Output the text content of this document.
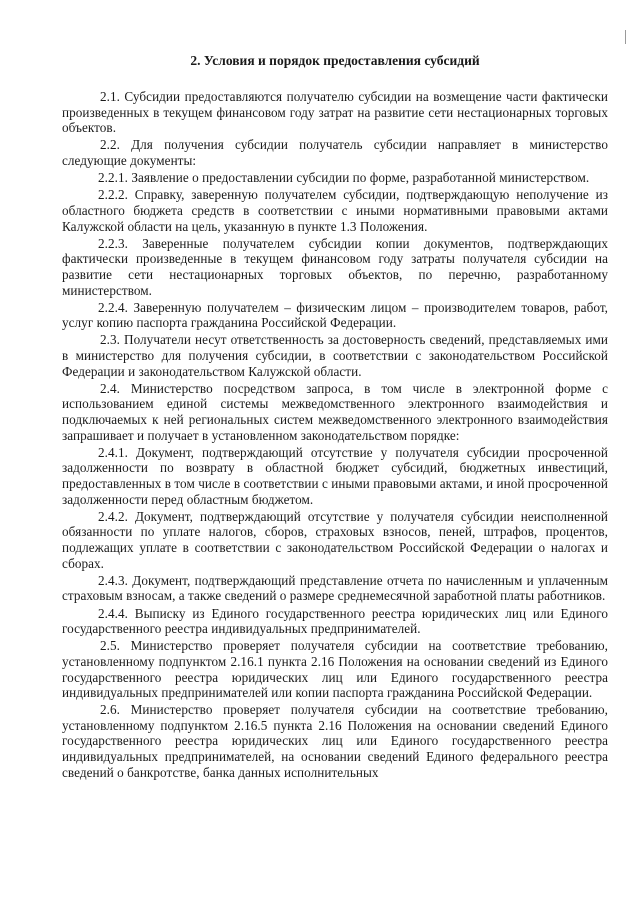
2. Условия и порядок предоставления субсидий

2.1. Субсидии предоставляются получателю субсидии на возмещение части фактически произведенных в текущем финансовом году затрат на развитие сети нестационарных торговых объектов.

2.2. Для получения субсидии получатель субсидии направляет в министерство следующие документы:

2.2.1. Заявление о предоставлении субсидии по форме, разработанной министерством.

2.2.2. Справку, заверенную получателем субсидии, подтверждающую неполучение из областного бюджета средств в соответствии с иными нормативными правовыми актами Калужской области на цель, указанную в пункте 1.3 Положения.

2.2.3. Заверенные получателем субсидии копии документов, подтверждающих фактически произведенные в текущем финансовом году затраты получателя субсидии на развитие сети нестационарных торговых объектов, по перечню, разработанному министерством.

2.2.4. Заверенную получателем – физическим лицом – производителем товаров, работ, услуг копию паспорта гражданина Российской Федерации.

2.3. Получатели несут ответственность за достоверность сведений, представляемых ими в министерство для получения субсидии, в соответствии с законодательством Российской Федерации и законодательством Калужской области.

2.4. Министерство посредством запроса, в том числе в электронной форме с использованием единой системы межведомственного электронного взаимодействия и подключаемых к ней региональных систем межведомственного электронного взаимодействия запрашивает и получает в установленном законодательством порядке:

2.4.1. Документ, подтверждающий отсутствие у получателя субсидии просроченной задолженности по возврату в областной бюджет субсидий, бюджетных инвестиций, предоставленных в том числе в соответствии с иными правовыми актами, и иной просроченной задолженности перед областным бюджетом.

2.4.2. Документ, подтверждающий отсутствие у получателя субсидии неисполненной обязанности по уплате налогов, сборов, страховых взносов, пеней, штрафов, процентов, подлежащих уплате в соответствии с законодательством Российской Федерации о налогах и сборах.

2.4.3. Документ, подтверждающий представление отчета по начисленным и уплаченным страховым взносам, а также сведений о размере среднемесячной заработной платы работников.

2.4.4. Выписку из Единого государственного реестра юридических лиц или Единого государственного реестра индивидуальных предпринимателей.

2.5. Министерство проверяет получателя субсидии на соответствие требованию, установленному подпунктом 2.16.1 пункта 2.16 Положения на основании сведений из Единого государственного реестра юридических лиц или Единого государственного реестра индивидуальных предпринимателей или копии паспорта гражданина Российской Федерации.

2.6. Министерство проверяет получателя субсидии на соответствие требованию, установленному подпунктом 2.16.5 пункта 2.16 Положения на основании сведений Единого государственного реестра юридических лиц или Единого государственного реестра индивидуальных предпринимателей, на основании сведений Единого федерального реестра сведений о банкротстве, банка данных исполнительных
